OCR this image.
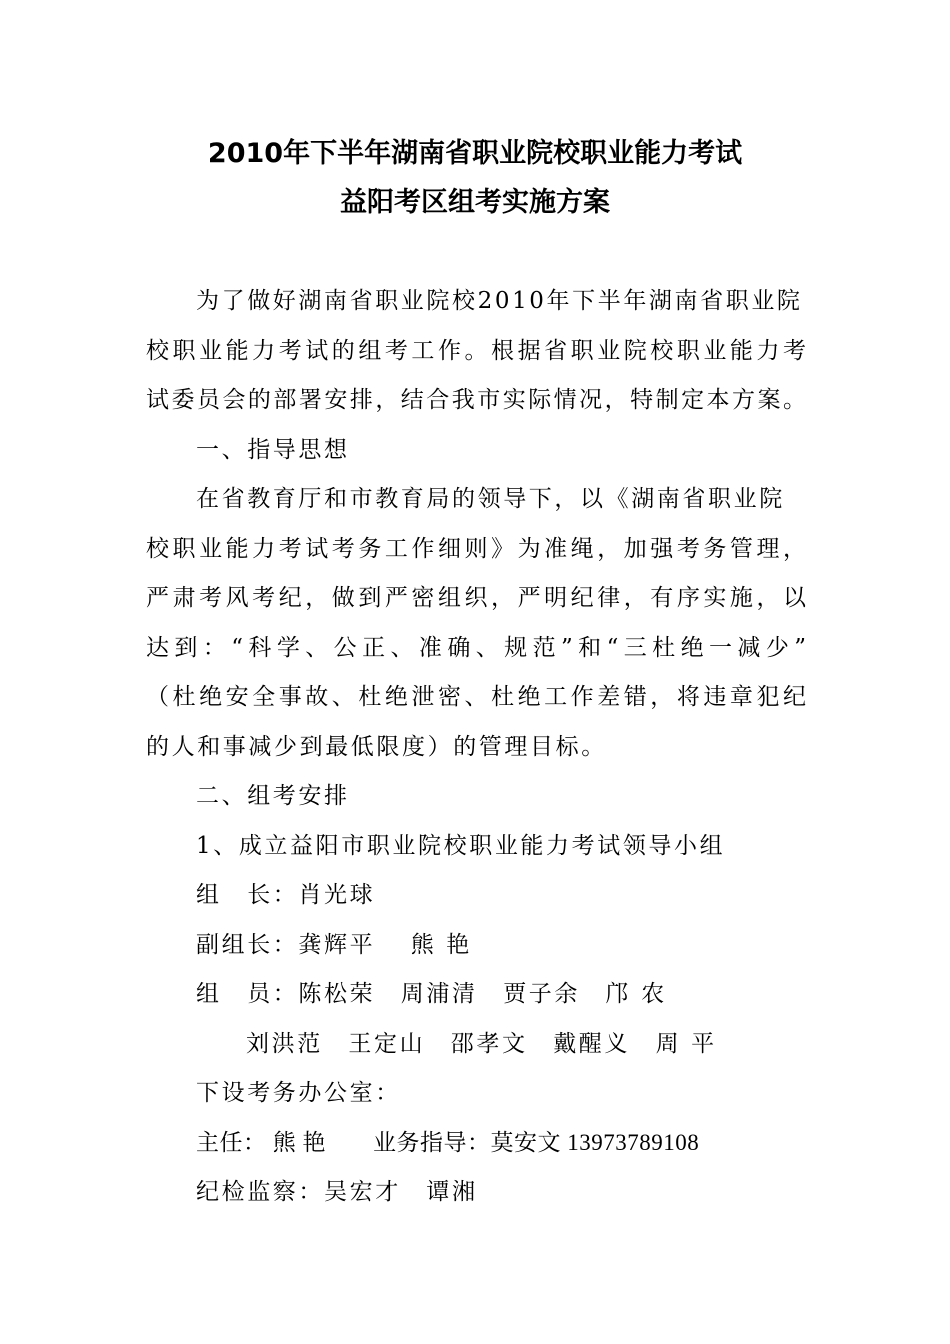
2010年下半年湖南省职业院校职业能力考试
益阳考区组考实施方案
为了做好湖南省职业院校2010年下半年湖南省职业院
校职业能力考试的组考工作。根据省职业院校职业能力考
试委员会的部署安排，结合我市实际情况，特制定本方案。
一、指导思想
在省教育厅和市教育局的领导下，以《湖南省职业院
校职业能力考试考务工作细则》为准绳，加强考务管理，
严肃考风考纪，做到严密组织，严明纪律，有序实施，以
达到：“科学、公正、准确、规范”和“三杜绝一减少”
（杜绝安全事故、杜绝泄密、杜绝工作差错，将违章犯纪
的人和事减少到最低限度）的管理目标。
二、组考安排
1、成立益阳市职业院校职业能力考试领导小组
组　长：肖光球
副组长：龚辉平　 熊 艳
组　员：陈松荣　周浦清　贾子余　邝 农
刘洪范　王定山　邵孝文　戴醒义　周 平
下设考务办公室：
主任： 熊 艳　　业务指导：莫安文 13973789108
纪检监察：吴宏才　谭湘
